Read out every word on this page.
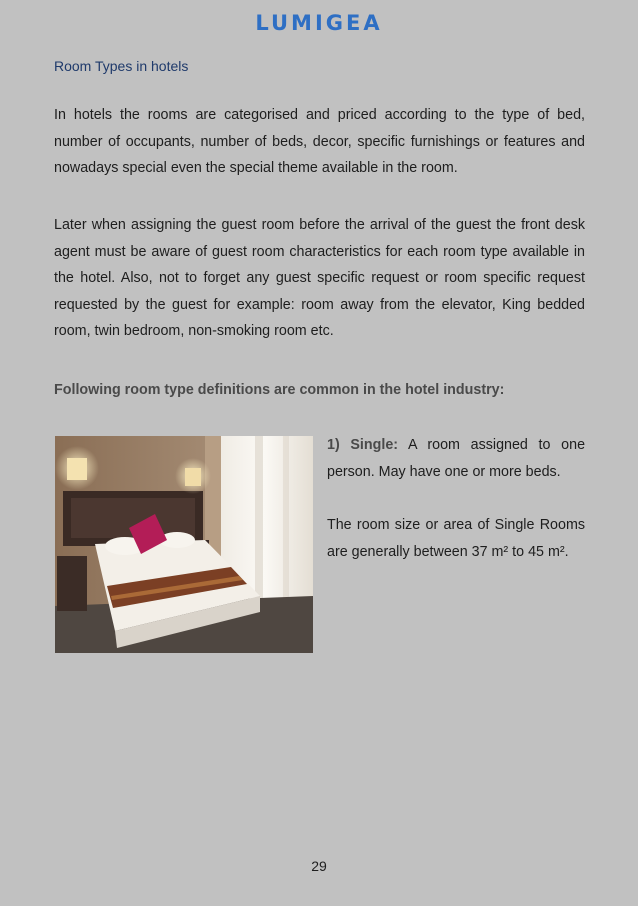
LUMIGEA
Room Types in hotels

In hotels the rooms are categorised and priced according to the type of bed, number of occupants, number of beds, decor, specific furnishings or features and nowadays special even the special theme available in the room.

Later when assigning the guest room before the arrival of the guest the front desk agent must be aware of guest room characteristics for each room type available in the hotel. Also, not to forget any guest specific request or room specific request requested by the guest for example: room away from the elevator, King bedded room, twin bedroom, non-smoking room etc.

Following room type definitions are common in the hotel industry:

1) Single: A room assigned to one person. May have one or more beds.

The room size or area of Single Rooms are generally between 37 m² to 45 m².

29
